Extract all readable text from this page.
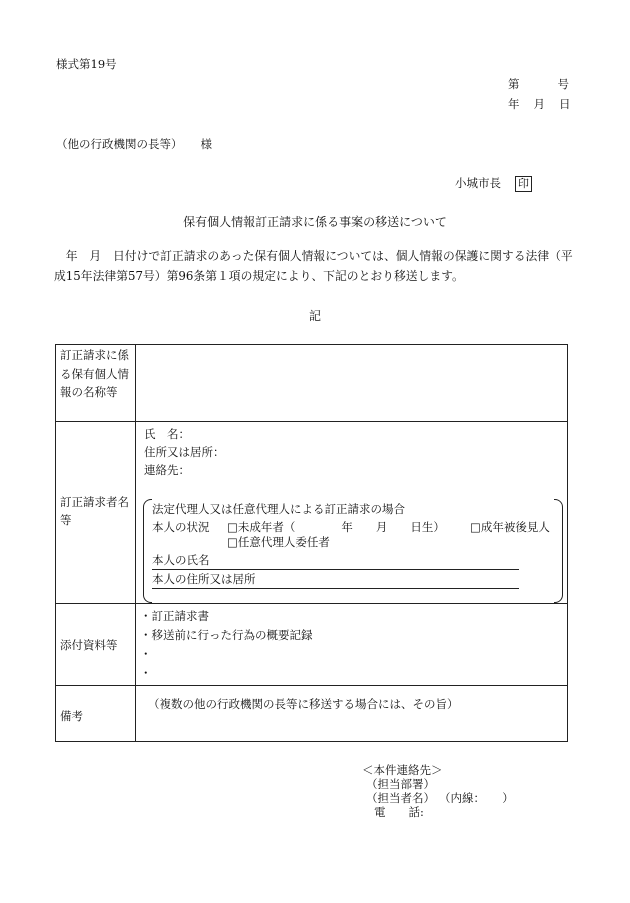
様式第19号
第	号
年 月 日
（他の行政機関の長等） 様
小城市長 印
保有個人情報訂正請求に係る事案の移送について
　年　月　日付けで訂正請求のあった保有個人情報については、個人情報の保護に関する法律（平
成15年法律第57号）第96条第１項の規定により、下記のとおり移送します。
記
訂正請求に係る保有個人情報の名称等
訂正請求者名等
氏　名：
住所又は居所：
連絡先：
法定代理人又は任意代理人による訂正請求の場合
本人の状況 □未成年者（　　　　年　　月　　日生） □成年被後見人
□任意代理人委任者
本人の氏名
本人の住所又は居所
添付資料等
・訂正請求書
・移送前に行った行為の概要記録
・
・
備考
（複数の他の行政機関の長等に移送する場合には、その旨）
＜本件連絡先＞
（担当部署）
（担当者名） （内線：　　）
電　　話:
